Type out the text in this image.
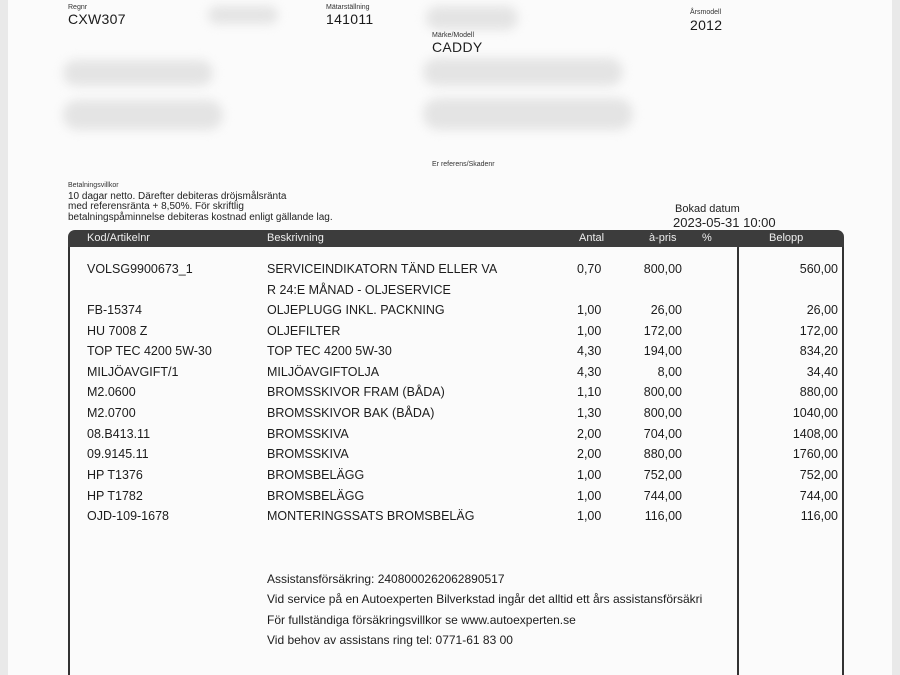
Regnr
CXW307
Mätarställning
141011
Märke/Modell
CADDY
Årsmodell
2012
Er referens/Skadenr
Betalningsvillkor
10 dagar netto. Därefter debiteras dröjsmålsränta
med referensränta + 8,50%. För skriftlig
betalningspåminnelse debiteras kostnad enligt gällande lag.
Bokad datum
2023-05-31 10:00
Kod/Artikelnr	Beskrivning	Antal	à-pris %	Belopp
VOLSG9900673_1	SERVICEINDIKATORN TÄND ELLER VA	0,70	800,00	560,00
R 24:E MÅNAD - OLJESERVICE
FB-15374	OLJEPLUGG INKL. PACKNING	1,00	26,00	26,00
HU 7008 Z	OLJEFILTER	1,00	172,00	172,00
TOP TEC 4200 5W-30	TOP TEC 4200 5W-30	4,30	194,00	834,20
MILJÖAVGIFT/1	MILJÖAVGIFTOLJA	4,30	8,00	34,40
M2.0600	BROMSSKIVOR FRAM (BÅDA)	1,10	800,00	880,00
M2.0700	BROMSSKIVOR BAK (BÅDA)	1,30	800,00	1040,00
08.B413.11	BROMSSKIVA	2,00	704,00	1408,00
09.9145.11	BROMSSKIVA	2,00	880,00	1760,00
HP T1376	BROMSBELÄGG	1,00	752,00	752,00
HP T1782	BROMSBELÄGG	1,00	744,00	744,00
OJD-109-1678	MONTERINGSSATS BROMSBELÄG	1,00	116,00	116,00
Assistansförsäkring: 2408000262062890517
Vid service på en Autoexperten Bilverkstad ingår det alltid ett års assistansförsäkri
För fullständiga försäkringsvillkor se www.autoexperten.se
Vid behov av assistans ring tel: 0771-61 83 00
